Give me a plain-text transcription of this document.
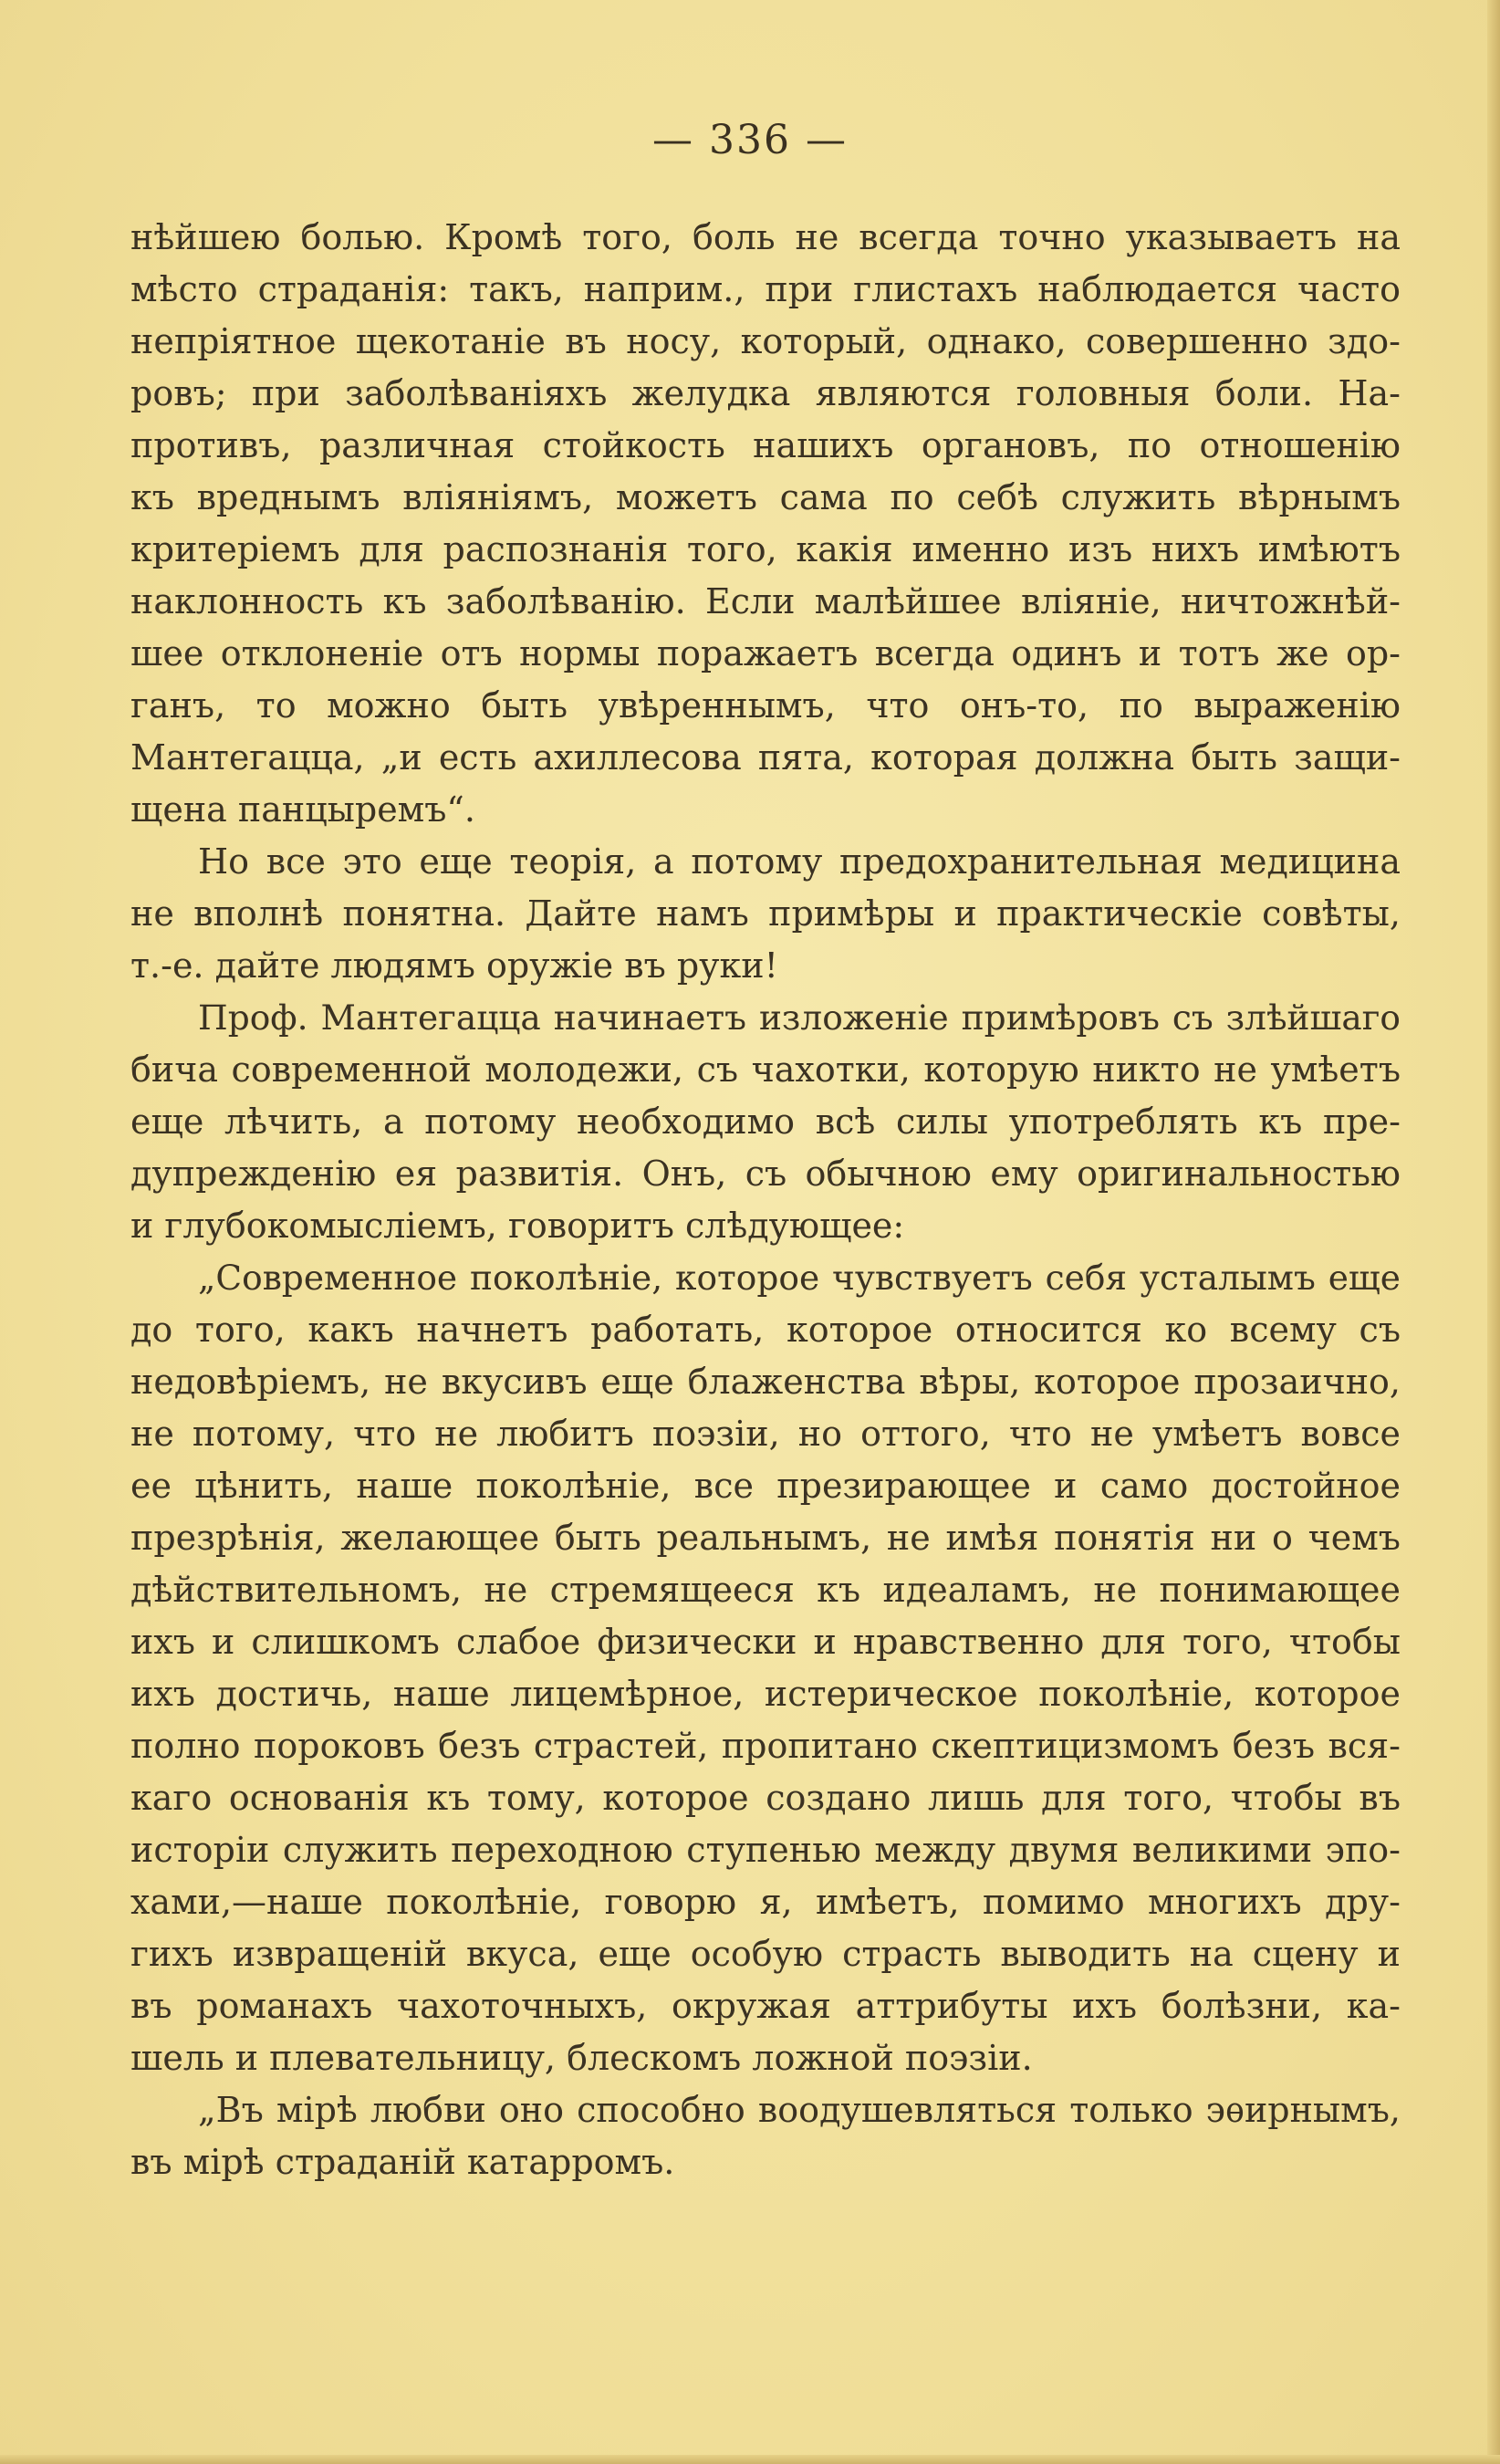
— 336 —
нѣйшею болью. Кромѣ того, боль не всегда точно указываетъ на
мѣсто страданія: такъ, наприм., при глистахъ наблюдается часто
непріятное щекотаніе въ носу, который, однако, совершенно здо-
ровъ; при заболѣваніяхъ желудка являются головныя боли. На-
противъ, различная стойкость нашихъ органовъ, по отношенію
къ вреднымъ вліяніямъ, можетъ сама по себѣ служить вѣрнымъ
критеріемъ для распознанія того, какія именно изъ нихъ имѣютъ
наклонность къ заболѣванію. Если малѣйшее вліяніе, ничтожнѣй-
шее отклоненіе отъ нормы поражаетъ всегда одинъ и тотъ же ор-
ганъ, то можно быть увѣреннымъ, что онъ-то, по выраженію
Мантегацца, „и есть ахиллесова пята, которая должна быть защи-
щена панцыремъ“.
Но все это еще теорія, а потому предохранительная медицина
не вполнѣ понятна. Дайте намъ примѣры и практическіе совѣты,
т.-е. дайте людямъ оружіе въ руки!
Проф. Мантегацца начинаетъ изложеніе примѣровъ съ злѣйшаго
бича современной молодежи, съ чахотки, которую никто не умѣетъ
еще лѣчить, а потому необходимо всѣ силы употреблять къ пре-
дупрежденію ея развитія. Онъ, съ обычною ему оригинальностью
и глубокомысліемъ, говоритъ слѣдующее:
„Современное поколѣніе, которое чувствуетъ себя усталымъ еще
до того, какъ начнетъ работать, которое относится ко всему съ
недовѣріемъ, не вкусивъ еще блаженства вѣры, которое прозаично,
не потому, что не любитъ поэзіи, но оттого, что не умѣетъ вовсе
ее цѣнить, наше поколѣніе, все презирающее и само достойное
презрѣнія, желающее быть реальнымъ, не имѣя понятія ни о чемъ
дѣйствительномъ, не стремящееся къ идеаламъ, не понимающее
ихъ и слишкомъ слабое физически и нравственно для того, чтобы
ихъ достичь, наше лицемѣрное, истерическое поколѣніе, которое
полно пороковъ безъ страстей, пропитано скептицизмомъ безъ вся-
каго основанія къ тому, которое создано лишь для того, чтобы въ
исторіи служить переходною ступенью между двумя великими эпо-
хами,—наше поколѣніе, говорю я, имѣетъ, помимо многихъ дру-
гихъ извращеній вкуса, еще особую страсть выводить на сцену и
въ романахъ чахоточныхъ, окружая аттрибуты ихъ болѣзни, ка-
шель и плевательницу, блескомъ ложной поэзіи.
„Въ мірѣ любви оно способно воодушевляться только эѳирнымъ,
въ мірѣ страданій катарромъ.
